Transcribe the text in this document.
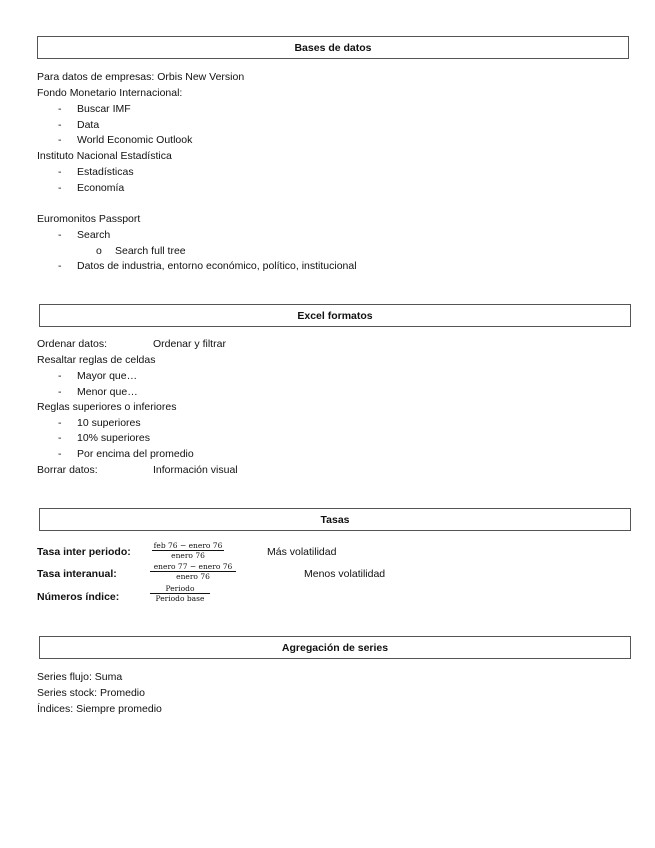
Bases de datos
Para datos de empresas: Orbis New Version
Fondo Monetario Internacional:
- Buscar IMF
- Data
- World Economic Outlook
Instituto Nacional Estadística
- Estadísticas
- Economía
Euromonitos Passport
- Search
o Search full tree
- Datos de industria, entorno económico, político, institucional
Excel formatos
Ordenar datos:	Ordenar y filtrar
Resaltar reglas de celdas
- Mayor que…
- Menor que…
Reglas superiores o inferiores
- 10 superiores
- 10% superiores
- Por encima del promedio
Borrar datos:	Información visual
Tasas
Tasa inter periodo:
feb 76 − enero 76
enero 76	Más volatilidad
Tasa interanual:
enero 77 − enero 76
enero 76	Menos volatilidad
Números índice:
Periodo
Periodo base
Agregación de series
Series flujo: Suma
Series stock: Promedio
Índices: Siempre promedio
